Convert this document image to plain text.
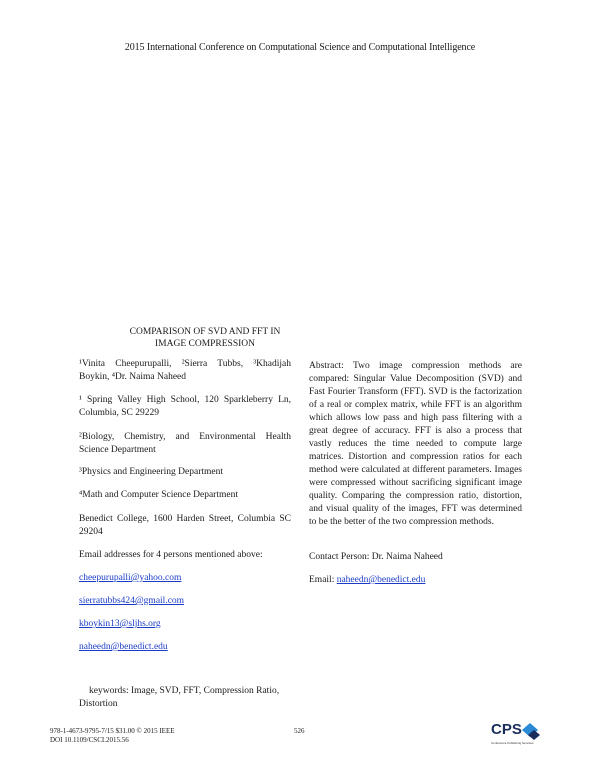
2015 International Conference on Computational Science and Computational Intelligence
COMPARISON OF SVD AND FFT IN
IMAGE COMPRESSION
¹Vinita Cheepurupalli, ²Sierra Tubbs, ³Khadijah Boykin, ⁴Dr. Naima Naheed
¹ Spring Valley High School, 120 Sparkleberry Ln, Columbia, SC 29229
²Biology, Chemistry, and Environmental Health Science Department
³Physics and Engineering Department
⁴Math and Computer Science Department
Benedict College, 1600 Harden Street, Columbia SC 29204
Email addresses for 4 persons mentioned above:
cheepurupalli@yahoo.com
sierratubbs424@gmail.com
kboykin13@sljhs.org
naheedn@benedict.edu
keywords: Image, SVD, FFT, Compression Ratio, Distortion
Abstract: Two image compression methods are compared: Singular Value Decomposition (SVD) and Fast Fourier Transform (FFT). SVD is the factorization of a real or complex matrix, while FFT is an algorithm which allows low pass and high pass filtering with a great degree of accuracy. FFT is also a process that vastly reduces the time needed to compute large matrices. Distortion and compression ratios for each method were calculated at different parameters. Images were compressed without sacrificing significant image quality. Comparing the compression ratio, distortion, and visual quality of the images, FFT was determined to be the better of the two compression methods.
Contact Person: Dr. Naima Naheed
Email: naheedn@benedict.edu
978-1-4673-9795-7/15 $31.00 © 2015 IEEE
DOI 10.1109/CSCI.2015.56
526	CPS
Conference Publishing Services
